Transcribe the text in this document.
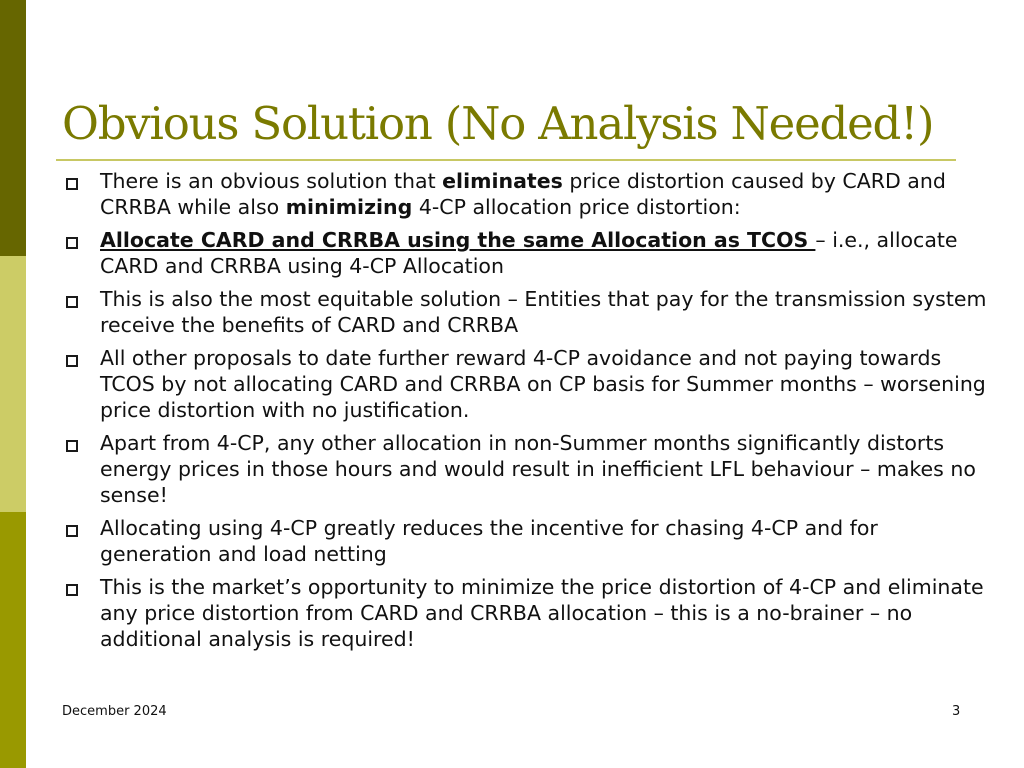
Obvious Solution (No Analysis Needed!)
There is an obvious solution that eliminates price distortion caused by CARD and CRRBA while also minimizing 4-CP allocation price distortion:
Allocate CARD and CRRBA using the same Allocation as TCOS – i.e., allocate CARD and CRRBA using 4-CP Allocation
This is also the most equitable solution – Entities that pay for the transmission system receive the benefits of CARD and CRRBA
All other proposals to date further reward 4-CP avoidance and not paying towards TCOS by not allocating CARD and CRRBA on CP basis for Summer months – worsening price distortion with no justification.
Apart from 4-CP, any other allocation in non-Summer months significantly distorts energy prices in those hours and would result in inefficient LFL behaviour – makes no sense!
Allocating using 4-CP greatly reduces the incentive for chasing 4-CP and for generation and load netting
This is the market’s opportunity to minimize the price distortion of 4-CP and eliminate any price distortion from CARD and CRRBA allocation – this is a no-brainer – no additional analysis is required!
December 2024	3
